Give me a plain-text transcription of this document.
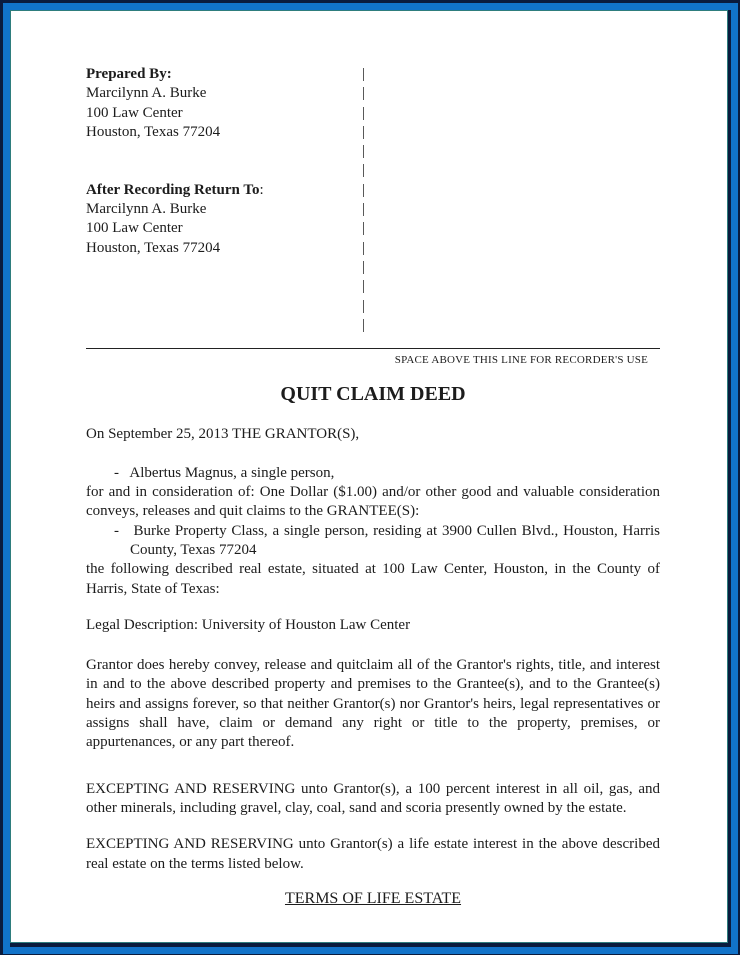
Prepared By:	|
Marcilynn A. Burke	|
100 Law Center	|
Houston, Texas 77204	|
|
|
After Recording Return To:	|
Marcilynn A. Burke	|
100 Law Center	|
Houston, Texas 77204	|
|
|
|
|
SPACE ABOVE THIS LINE FOR RECORDER'S USE
QUIT CLAIM DEED

On September 25, 2013 THE GRANTOR(S),

-   Albertus Magnus, a single person,

for and in consideration of: One Dollar ($1.00) and/or other good and valuable consideration conveys, releases and quit claims to the GRANTEE(S):

-   Burke Property Class, a single person, residing at 3900 Cullen Blvd., Houston, Harris County, Texas 77204

the following described real estate, situated at 100 Law Center, Houston, in the County of Harris, State of Texas:

Legal Description: University of Houston Law Center

Grantor does hereby convey, release and quitclaim all of the Grantor's rights, title, and interest in and to the above described property and premises to the Grantee(s), and to the Grantee(s) heirs and assigns forever, so that neither Grantor(s) nor Grantor's heirs, legal representatives or assigns shall have, claim or demand any right or title to the property, premises, or appurtenances, or any part thereof.

EXCEPTING AND RESERVING unto Grantor(s), a 100 percent interest in all oil, gas, and other minerals, including gravel, clay, coal, sand and scoria presently owned by the estate.

EXCEPTING AND RESERVING unto Grantor(s) a life estate interest in the above described real estate on the terms listed below.

TERMS OF LIFE ESTATE
